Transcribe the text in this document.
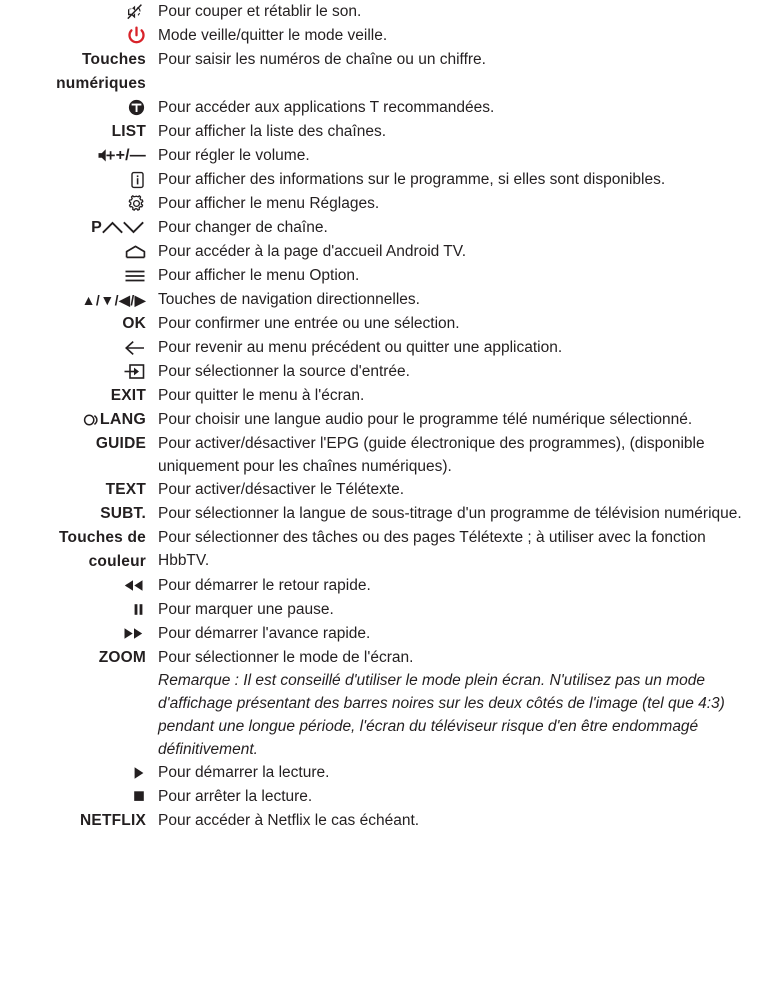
		Pour couper et rétablir le son.

		Mode veille/quitter le mode veille.
Touches numériques		Pour saisir les numéros de chaîne ou un chiffre.

		Pour accéder aux applications T recommandées.
LIST		Pour afficher la liste des chaînes.

+/—		Pour régler le volume.

		Pour afficher des informations sur le programme, si elles sont disponibles.

		Pour afficher le menu Réglages.
P		Pour changer de chaîne.

		Pour accéder à la page d'accueil Android TV.

		Pour afficher le menu Option.
▲/▼/◀/▶		Touches de navigation directionnelles.
OK		Pour confirmer une entrée ou une sélection.

		Pour revenir au menu précédent ou quitter une application.

		Pour sélectionner la source d'entrée.
EXIT		Pour quitter le menu à l'écran.

LANG		Pour choisir une langue audio pour le programme télé numérique sélectionné.
GUIDE		Pour activer/désactiver l'EPG (guide électronique des programmes), (disponible uniquement pour les chaînes numériques).
TEXT		Pour activer/désactiver le Télétexte.
SUBT.		Pour sélectionner la langue de sous-titrage d'un programme de télévision numérique.
Touches de couleur		Pour sélectionner des tâches ou des pages Télétexte ; à utiliser avec la fonction HbbTV.

		Pour démarrer le retour rapide.

		Pour marquer une pause.

		Pour démarrer l'avance rapide.
ZOOM		Pour sélectionner le mode de l'écran.
Remarque : Il est conseillé d'utiliser le mode plein écran. N'utilisez pas un mode d'affichage présentant des barres noires sur les deux côtés de l'image (tel que 4:3) pendant une longue période, l'écran du téléviseur risque d'en être endommagé définitivement.

		Pour démarrer la lecture.

		Pour arrêter la lecture.
NETFLIX		Pour accéder à Netflix le cas échéant.
